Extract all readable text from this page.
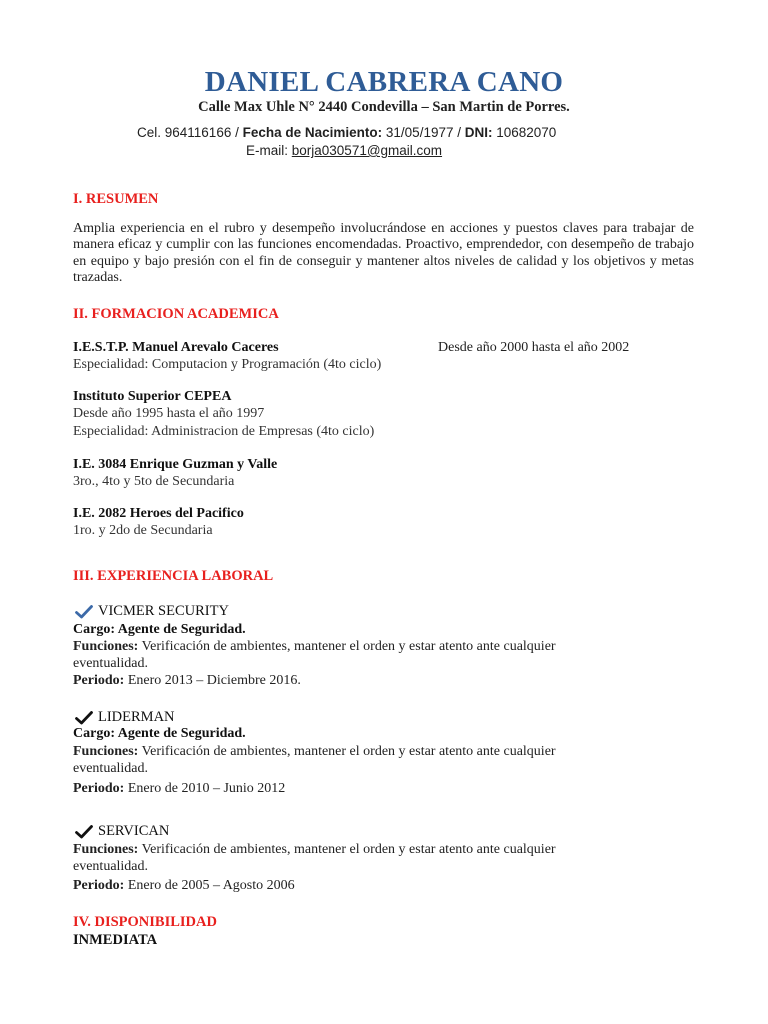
DANIEL CABRERA CANO
Calle Max Uhle N° 2440 Condevilla – San Martin de Porres.
Cel. 964116166 / Fecha de Nacimiento: 31/05/1977 / DNI: 10682070
E-mail: borja030571@gmail.com
I. RESUMEN
Amplia experiencia en el rubro y desempeño involucrándose en acciones y puestos claves para trabajar de manera eficaz y cumplir con las funciones encomendadas. Proactivo, emprendedor, con desempeño de trabajo en equipo y bajo presión con el fin de conseguir y mantener altos niveles de calidad y los objetivos y metas trazadas.
II. FORMACION ACADEMICA
I.E.S.T.P. Manuel Arevalo Caceres	Desde año 2000 hasta el año 2002
Especialidad: Computacion y Programación (4to ciclo)
Instituto Superior CEPEA
Desde año 1995 hasta el año 1997
Especialidad: Administracion de Empresas (4to ciclo)
I.E. 3084 Enrique Guzman y Valle
3ro., 4to y 5to de Secundaria
I.E. 2082 Heroes del Pacifico
1ro. y 2do de Secundaria
III. EXPERIENCIA LABORAL
VICMER SECURITY
Cargo: Agente de Seguridad.
Funciones: Verificación de ambientes, mantener el orden y estar atento ante cualquier eventualidad.
Periodo: Enero 2013 – Diciembre 2016.
LIDERMAN
Cargo: Agente de Seguridad.
Funciones: Verificación de ambientes, mantener el orden y estar atento ante cualquier eventualidad.
Periodo: Enero de 2010 – Junio 2012
SERVICAN
Funciones: Verificación de ambientes, mantener el orden y estar atento ante cualquier eventualidad.
Periodo: Enero de 2005 – Agosto 2006
IV. DISPONIBILIDAD
INMEDIATA
